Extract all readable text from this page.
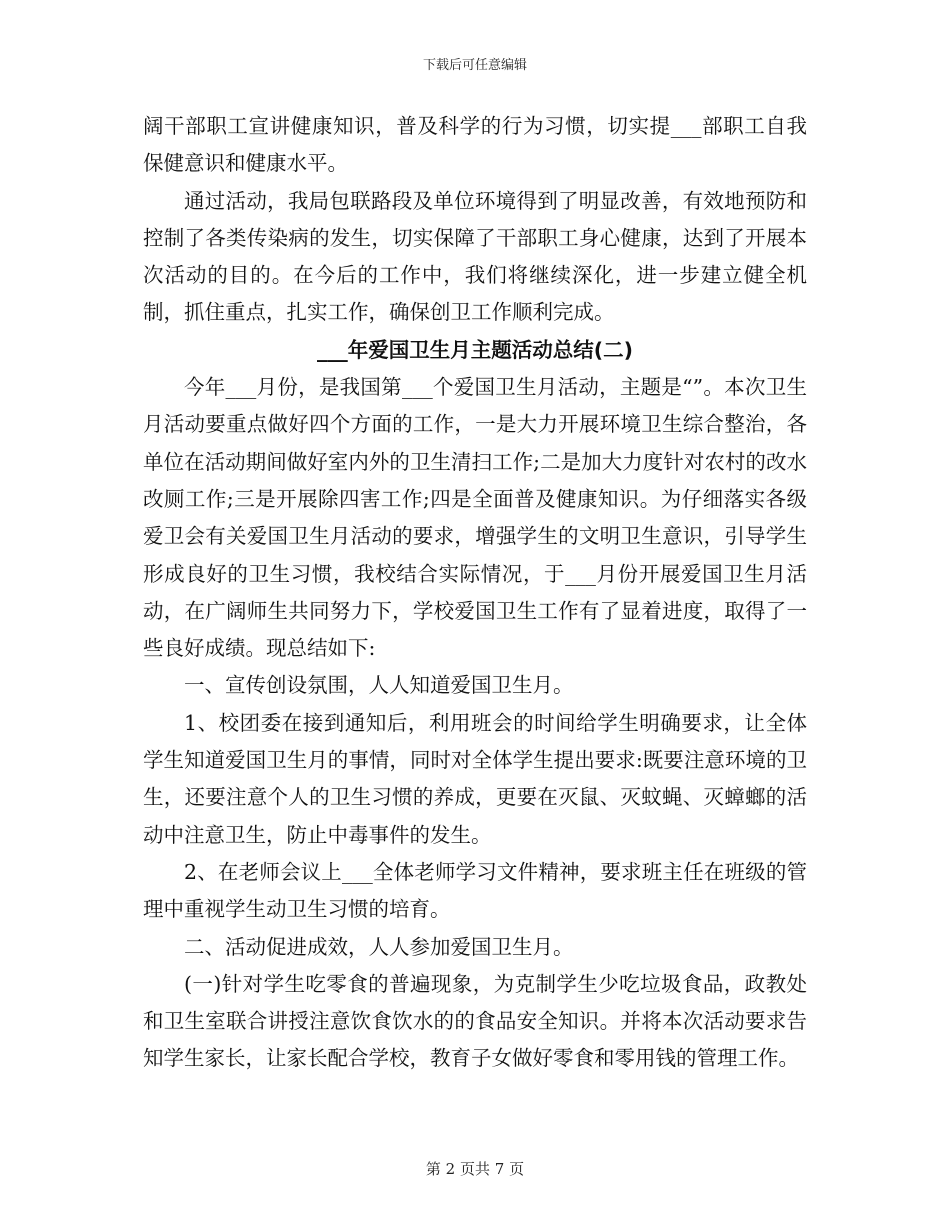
下载后可任意编辑

阔干部职工宣讲健康知识，普及科学的行为习惯，切实提___部职工自我保健意识和健康水平。

通过活动，我局包联路段及单位环境得到了明显改善，有效地预防和控制了各类传染病的发生，切实保障了干部职工身心健康，达到了开展本次活动的目的。在今后的工作中，我们将继续深化，进一步建立健全机制，抓住重点，扎实工作，确保创卫工作顺利完成。

___年爱国卫生月主题活动总结(二)

今年___月份，是我国第___个爱国卫生月活动，主题是“”。本次卫生月活动要重点做好四个方面的工作，一是大力开展环境卫生综合整治，各单位在活动期间做好室内外的卫生清扫工作;二是加大力度针对农村的改水改厕工作;三是开展除四害工作;四是全面普及健康知识。为仔细落实各级爱卫会有关爱国卫生月活动的要求，增强学生的文明卫生意识，引导学生形成良好的卫生习惯，我校结合实际情况，于___月份开展爱国卫生月活动，在广阔师生共同努力下，学校爱国卫生工作有了显着进度，取得了一些良好成绩。现总结如下:

一、宣传创设氛围，人人知道爱国卫生月。

1、校团委在接到通知后，利用班会的时间给学生明确要求，让全体学生知道爱国卫生月的事情，同时对全体学生提出要求:既要注意环境的卫生，还要注意个人的卫生习惯的养成，更要在灭鼠、灭蚊蝇、灭蟑螂的活动中注意卫生，防止中毒事件的发生。

2、在老师会议上___全体老师学习文件精神，要求班主任在班级的管理中重视学生动卫生习惯的培育。

二、活动促进成效，人人参加爱国卫生月。

(一)针对学生吃零食的普遍现象，为克制学生少吃垃圾食品，政教处和卫生室联合讲授注意饮食饮水的的食品安全知识。并将本次活动要求告知学生家长，让家长配合学校，教育子女做好零食和零用钱的管理工作。

第 2 页共 7 页
